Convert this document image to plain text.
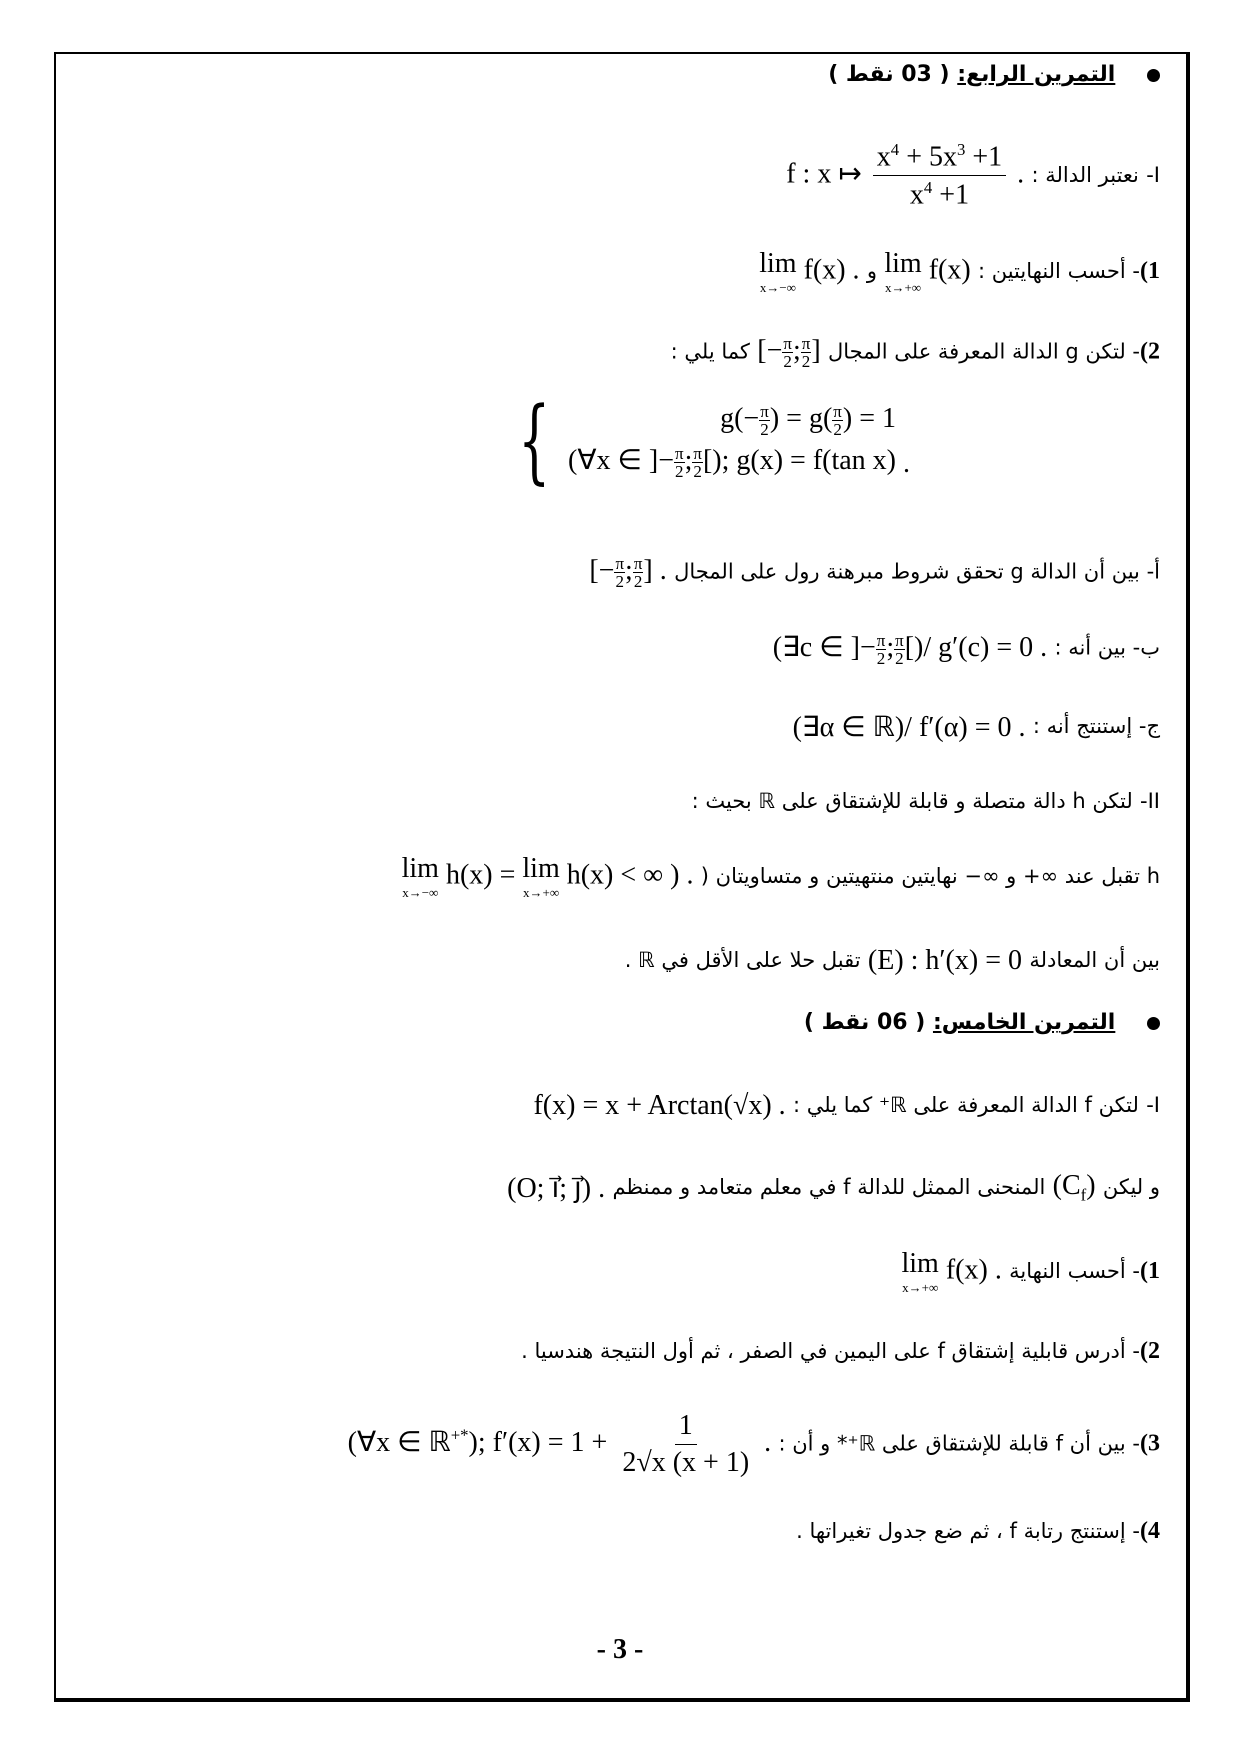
التمرين الرابع: ( 03 نقط )
I- نعتبر الدالة : f : x ↦ $\frac{x^4 + 5x^3 +1}{x^4 +1}$ .
1)- أحسب النهايتين :
lim
x→+∞
f(x) و
lim
x→−∞
f(x) .
2)- لتكن g الدالة المعرفة على المجال [− $\frac{\pi}{2}$ ; $\frac{\pi}{2}$ ] كما يلي :
{	$g(- \frac{\pi}{2}$ ) = $g( \frac{\pi}{2}$ ) = 1
(∀x ∈ ]− $\frac{\pi}{2}$ ; $\frac{\pi}{2}$ [); g(x) = f(tan x) .
أ- بين أن الدالة g تحقق شروط مبرهنة رول على المجال [− $\frac{\pi}{2}$ ; $\frac{\pi}{2}$ ] .
ب- بين أنه : (∃c ∈ ]− $\frac{\pi}{2}$ ; $\frac{\pi}{2}$ [)/ g′(c) = 0 .
ج- إستنتج أنه : (∃α ∈ ℝ)/ f′(α) = 0 .
II- لتكن h دالة متصلة و قابلة للإشتقاق على ℝ بحيث :
h تقبل عند ∞+ و ∞− نهايتين منتهيتين و متساويتان (
lim
x→−∞
h(x) = lim
x→+∞
h(x) < ∞ ) .
بين أن المعادلة (E) : h′(x) = 0 تقبل حلا على الأقل في ℝ .
التمرين الخامس: ( 06 نقط )
I- لتكن f الدالة المعرفة على ℝ⁺ كما يلي : f(x) = x + Arctan(√x) .
و ليكن $(C_f)$ المنحنى الممثل للدالة f في معلم متعامد و ممنظم (O; i⃗; j⃗) .
1)- أحسب النهاية
lim
x→+∞
f(x) .
2)- أدرس قابلية إشتقاق f على اليمين في الصفر ، ثم أول النتيجة هندسيا .
3)- بين أن f قابلة للإشتقاق على ℝ⁺* و أن : (∀x ∈ ℝ+*); $f'(x) = 1 + \frac{1}{2√x (x + 1)}$ .
4)- إستنتج رتابة f ، ثم ضع جدول تغيراتها .
- 3 -
